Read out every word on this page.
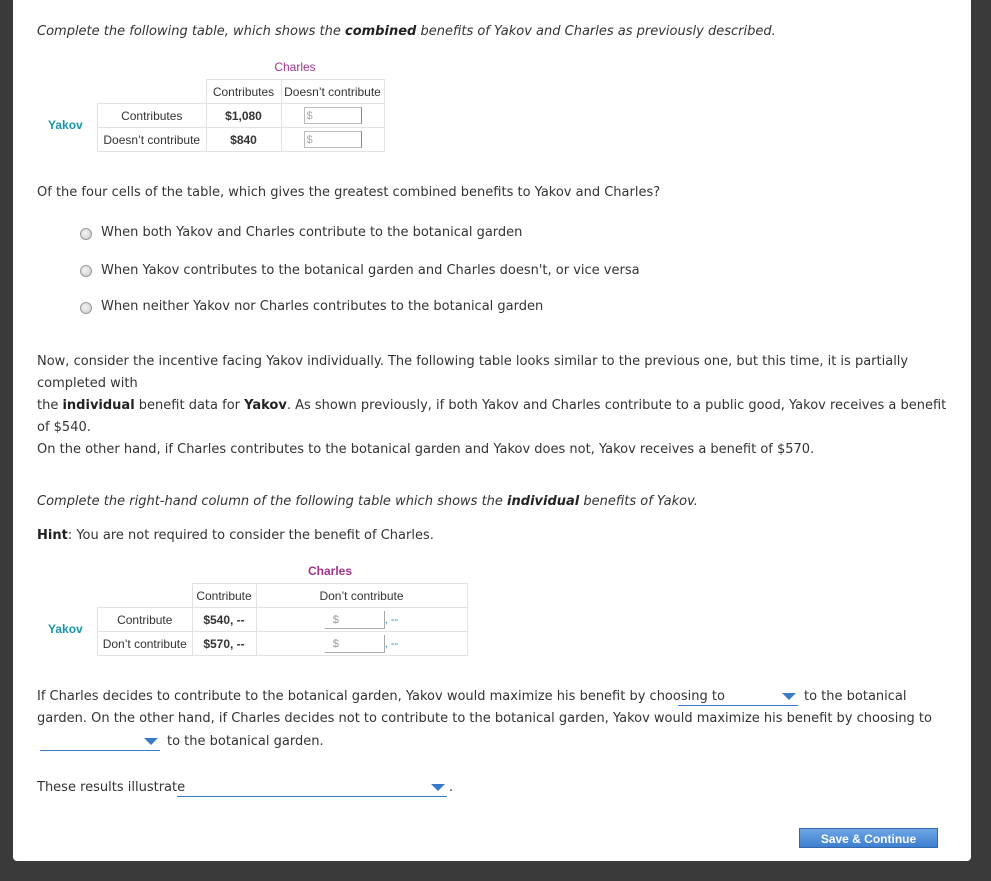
Complete the following table, which shows the combined benefits of Yakov and Charles as previously described.
Charles
Yakov
	Contributes	Doesn’t contribute
Contributes	$1,080	$
Doesn’t contribute	$840	$
Of the four cells of the table, which gives the greatest combined benefits to Yakov and Charles?
When both Yakov and Charles contribute to the botanical garden
When Yakov contributes to the botanical garden and Charles doesn't, or vice versa
When neither Yakov nor Charles contributes to the botanical garden
Now, consider the incentive facing Yakov individually. The following table looks similar to the previous one, but this time, it is partially completed with
the individual benefit data for Yakov. As shown previously, if both Yakov and Charles contribute to a public good, Yakov receives a benefit of $540.
On the other hand, if Charles contributes to the botanical garden and Yakov does not, Yakov receives a benefit of $570.
Complete the right-hand column of the following table which shows the individual benefits of Yakov.
Hint: You are not required to consider the benefit of Charles.
Charles
Yakov
	Contribute	Don’t contribute
Contribute	$540, --	$ , --
Don’t contribute	$570, --	$ , --
If Charles decides to contribute to the botanical garden, Yakov would maximize his benefit by choosing to	to the botanical
garden. On the other hand, if Charles decides not to contribute to the botanical garden, Yakov would maximize his benefit by choosing to
to the botanical garden.
These results illustrate	.
Save & Continue
